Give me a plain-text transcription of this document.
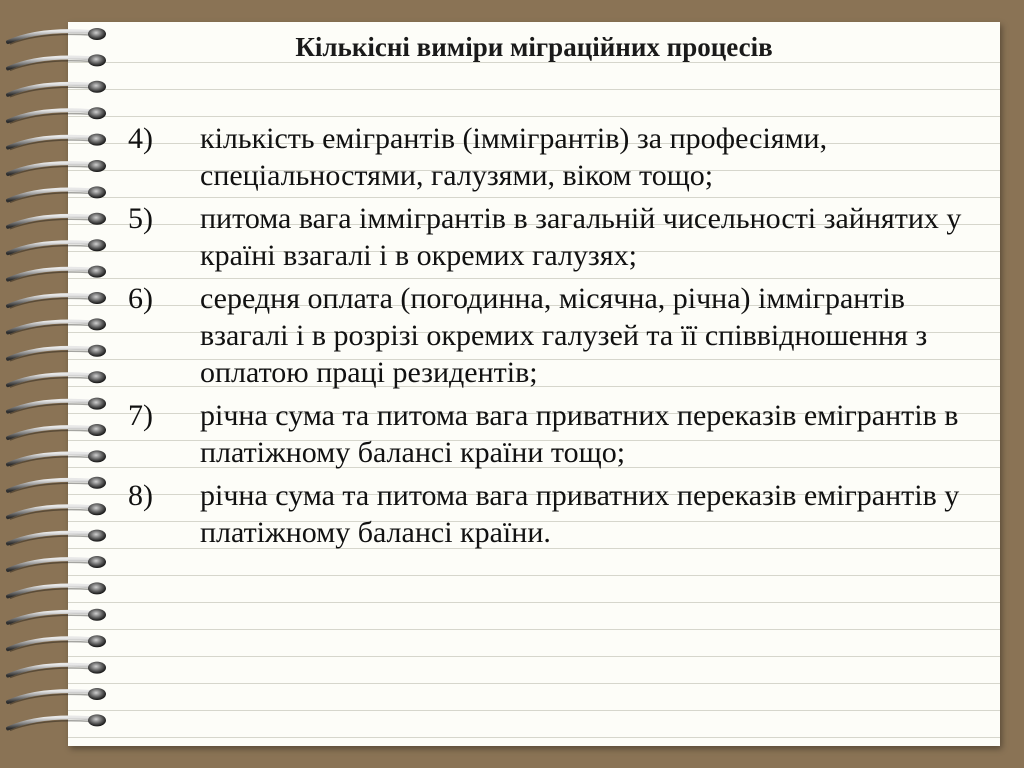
Кількісні виміри міграційних процесів
4)	кількість емігрантів (іммігрантів) за професіями, спеціальностями, галузями, віком тощо;
5)	питома вага іммігрантів в загальній чисельності зайнятих у країні взагалі і в окремих галузях;
6)	середня оплата (погодинна, місячна, річна) іммігрантів взагалі і в розрізі окремих галузей та її співвідношення з оплатою праці резидентів;
7)	річна сума та питома вага приватних переказів емігрантів в платіжному балансі країни тощо;
8)	річна сума та питома вага приватних переказів емігрантів у платіжному балансі країни.
